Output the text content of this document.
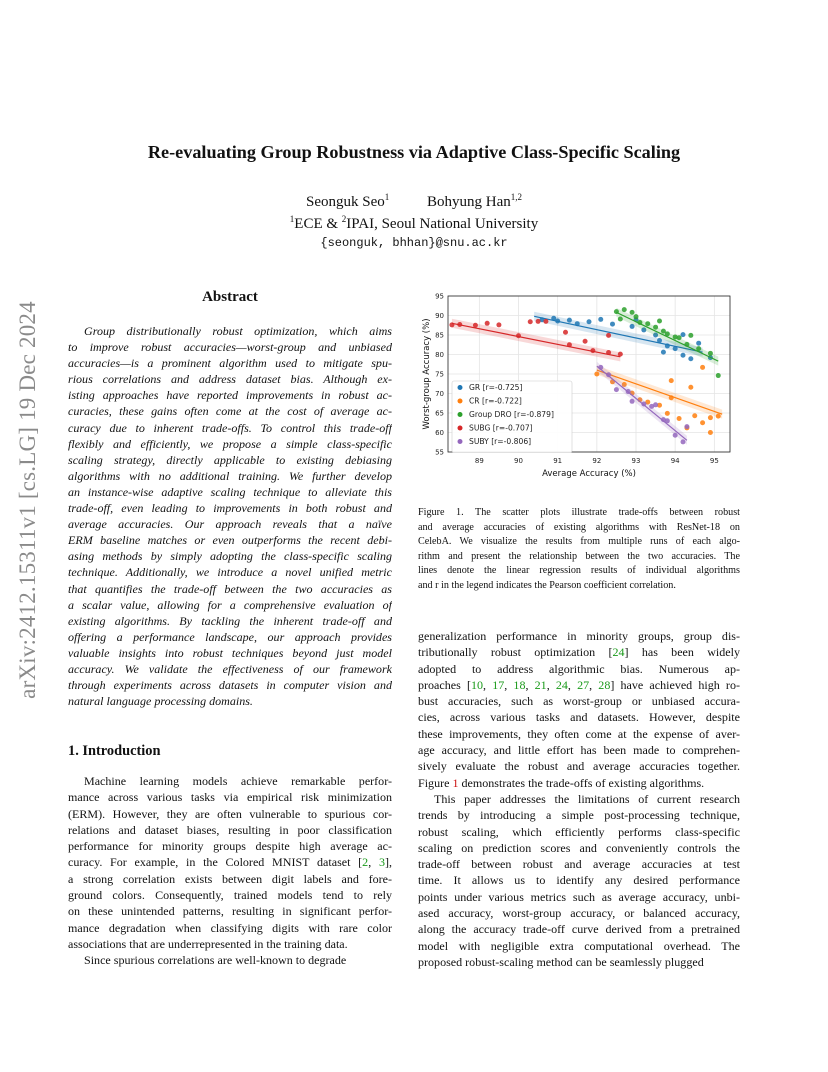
arXiv:2412.15311v1 [cs.LG] 19 Dec 2024
Re-evaluating Group Robustness via Adaptive Class-Specific Scaling
Seonguk Seo$^1$	Bohyung Han$^{1,2}$
$^1$ECE & $^2$IPAI, Seoul National University
{seonguk, bhhan}@snu.ac.kr
Abstract
Group distributionally robust optimization, which aims
to improve robust accuracies—worst-group and unbiased
accuracies—is a prominent algorithm used to mitigate spu-
rious correlations and address dataset bias. Although ex-
isting approaches have reported improvements in robust ac-
curacies, these gains often come at the cost of average ac-
curacy due to inherent trade-offs. To control this trade-off
flexibly and efficiently, we propose a simple class-specific
scaling strategy, directly applicable to existing debiasing
algorithms with no additional training. We further develop
an instance-wise adaptive scaling technique to alleviate this
trade-off, even leading to improvements in both robust and
average accuracies. Our approach reveals that a naïve
ERM baseline matches or even outperforms the recent debi-
asing methods by simply adopting the class-specific scaling
technique. Additionally, we introduce a novel unified metric
that quantifies the trade-off between the two accuracies as
a scalar value, allowing for a comprehensive evaluation of
existing algorithms. By tackling the inherent trade-off and
offering a performance landscape, our approach provides
valuable insights into robust techniques beyond just model
accuracy. We validate the effectiveness of our framework
through experiments across datasets in computer vision and
natural language processing domains.
1. Introduction
Machine learning models achieve remarkable perfor-
mance across various tasks via empirical risk minimization
(ERM). However, they are often vulnerable to spurious cor-
relations and dataset biases, resulting in poor classification
performance for minority groups despite high average ac-
curacy. For example, in the Colored MNIST dataset [2, 3],
a strong correlation exists between digit labels and fore-
ground colors. Consequently, trained models tend to rely
on these unintended patterns, resulting in significant perfor-
mance degradation when classifying digits with rare color
associations that are underrepresented in the training data.
Since spurious correlations are well-known to degrade
89	90	91	92	93	94	95
55
60
65
70
75
80
85
90
95
Average Accuracy (%)
Worst-group Accuracy (%)	GR [r=-0.725]
CR [r=-0.722]
Group DRO [r=-0.879]
SUBG [r=-0.707]
SUBY [r=-0.806]
Figure 1. The scatter plots illustrate trade-offs between robust
and average accuracies of existing algorithms with ResNet-18 on
CelebA. We visualize the results from multiple runs of each algo-
rithm and present the relationship between the two accuracies. The
lines denote the linear regression results of individual algorithms
and r in the legend indicates the Pearson coefficient correlation.
generalization performance in minority groups, group dis-
tributionally robust optimization [24] has been widely
adopted to address algorithmic bias. Numerous ap-
proaches [10, 17, 18, 21, 24, 27, 28] have achieved high ro-
bust accuracies, such as worst-group or unbiased accura-
cies, across various tasks and datasets. However, despite
these improvements, they often come at the expense of aver-
age accuracy, and little effort has been made to comprehen-
sively evaluate the robust and average accuracies together.
Figure 1 demonstrates the trade-offs of existing algorithms.
This paper addresses the limitations of current research
trends by introducing a simple post-processing technique,
robust scaling, which efficiently performs class-specific
scaling on prediction scores and conveniently controls the
trade-off between robust and average accuracies at test
time. It allows us to identify any desired performance
points under various metrics such as average accuracy, unbi-
ased accuracy, worst-group accuracy, or balanced accuracy,
along the accuracy trade-off curve derived from a pretrained
model with negligible extra computational overhead. The
proposed robust-scaling method can be seamlessly plugged
